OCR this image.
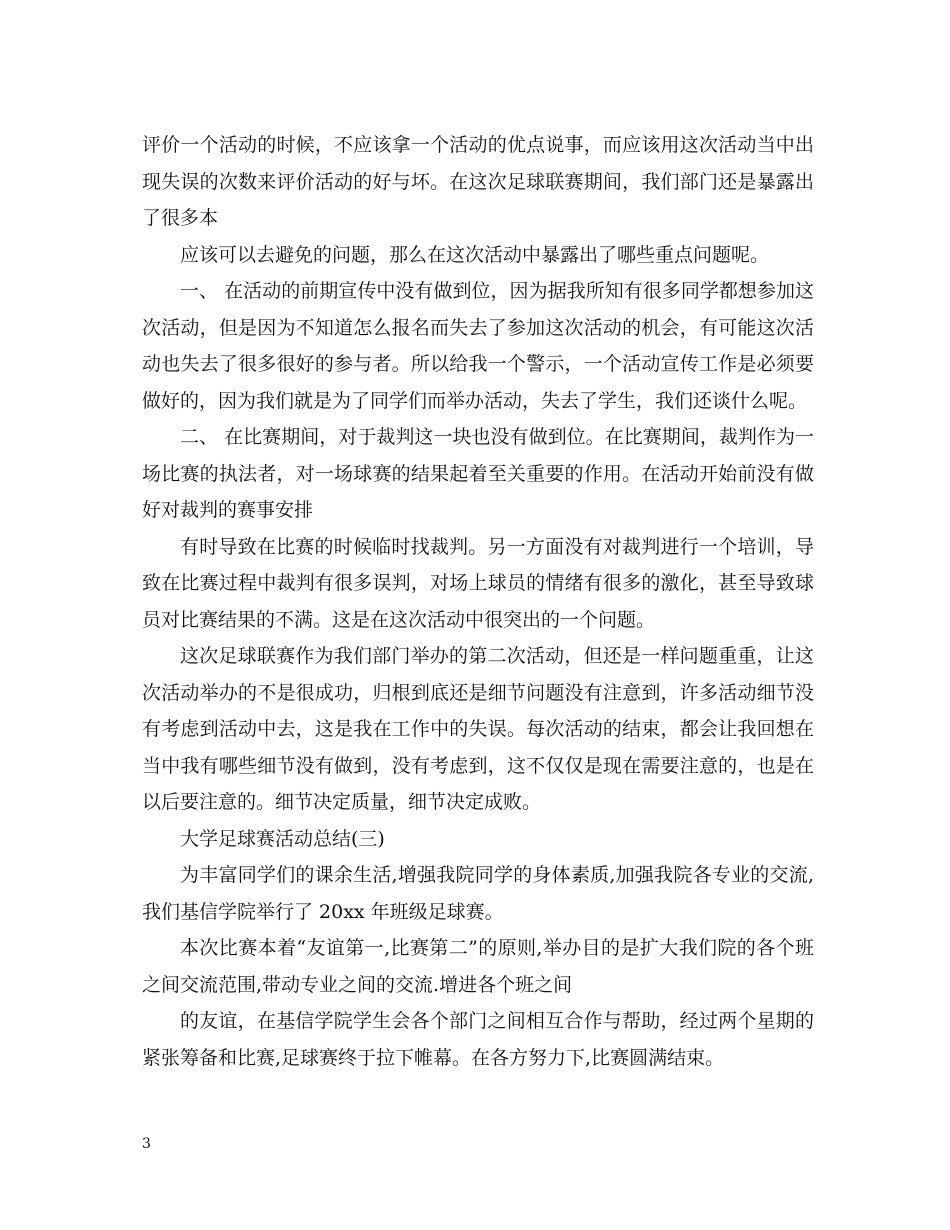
评价一个活动的时候，不应该拿一个活动的优点说事，而应该用这次活动当中出现失误的次数来评价活动的好与坏。在这次足球联赛期间，我们部门还是暴露出了很多本

应该可以去避免的问题，那么在这次活动中暴露出了哪些重点问题呢。

一、 在活动的前期宣传中没有做到位，因为据我所知有很多同学都想参加这次活动，但是因为不知道怎么报名而失去了参加这次活动的机会，有可能这次活动也失去了很多很好的参与者。所以给我一个警示，一个活动宣传工作是必须要做好的，因为我们就是为了同学们而举办活动，失去了学生，我们还谈什么呢。

二、 在比赛期间，对于裁判这一块也没有做到位。在比赛期间，裁判作为一场比赛的执法者，对一场球赛的结果起着至关重要的作用。在活动开始前没有做好对裁判的赛事安排

有时导致在比赛的时候临时找裁判。另一方面没有对裁判进行一个培训，导致在比赛过程中裁判有很多误判，对场上球员的情绪有很多的激化，甚至导致球员对比赛结果的不满。这是在这次活动中很突出的一个问题。

这次足球联赛作为我们部门举办的第二次活动，但还是一样问题重重，让这次活动举办的不是很成功，归根到底还是细节问题没有注意到，许多活动细节没有考虑到活动中去，这是我在工作中的失误。每次活动的结束，都会让我回想在当中我有哪些细节没有做到，没有考虑到，这不仅仅是现在需要注意的，也是在以后要注意的。细节决定质量，细节决定成败。

大学足球赛活动总结(三)

为丰富同学们的课余生活,增强我院同学的身体素质,加强我院各专业的交流,我们基信学院举行了 20xx 年班级足球赛。

本次比赛本着“友谊第一,比赛第二”的原则,举办目的是扩大我们院的各个班之间交流范围,带动专业之间的交流.增进各个班之间

的友谊，在基信学院学生会各个部门之间相互合作与帮助，经过两个星期的紧张筹备和比赛,足球赛终于拉下帷幕。在各方努力下,比赛圆满结束。

3
